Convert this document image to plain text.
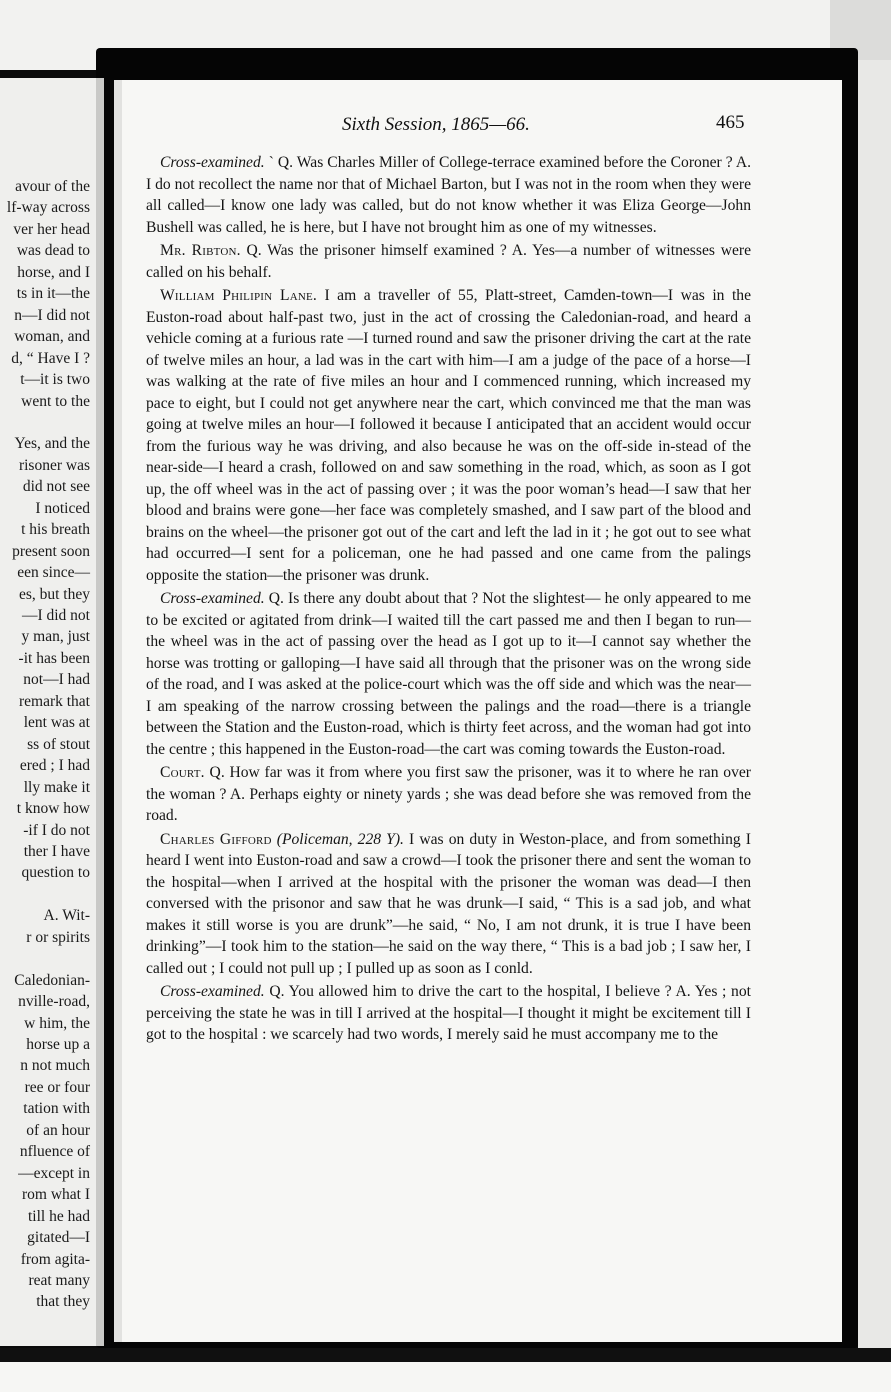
avour of the
lf-way across
ver her head
was dead to
horse, and I
ts in it—the
n—I did not
woman, and
d, “ Have I ?
t—it is two
went to the
Yes, and the
risoner was
did not see
I noticed
t his breath
present soon
een since—
es, but they
—I did not
y man, just
-it has been
not—I had
remark that
lent was at
ss of stout
ered ; I had
lly make it
t know how
-if I do not
ther I have
question to
A. Wit-
r or spirits
Caledonian-
nville-road,
w him, the
horse up a
n not much
ree or four
tation with
of an hour
nfluence of
—except in
rom what I
till he had
gitated—I
from agita-
reat many
that they
Sixth Session, 1865—66.	465

Cross-examined. ` Q. Was Charles Miller of College-terrace examined before the Coroner ? A. I do not recollect the name nor that of Michael Barton, but I was not in the room when they were all called—I know one lady was called, but do not know whether it was Eliza George—John Bushell was called, he is here, but I have not brought him as one of my witnesses.

Mr. Ribton. Q. Was the prisoner himself examined ? A. Yes—a number of witnesses were called on his behalf.

William Philipin Lane. I am a traveller of 55, Platt-street, Camden-town—I was in the Euston-road about half-past two, just in the act of crossing the Caledonian-road, and heard a vehicle coming at a furious rate —I turned round and saw the prisoner driving the cart at the rate of twelve miles an hour, a lad was in the cart with him—I am a judge of the pace of a horse—I was walking at the rate of five miles an hour and I commenced running, which increased my pace to eight, but I could not get anywhere near the cart, which convinced me that the man was going at twelve miles an hour—I followed it because I anticipated that an accident would occur from the furious way he was driving, and also because he was on the off-side in-stead of the near-side—I heard a crash, followed on and saw something in the road, which, as soon as I got up, the off wheel was in the act of passing over ; it was the poor woman’s head—I saw that her blood and brains were gone—her face was completely smashed, and I saw part of the blood and brains on the wheel—the prisoner got out of the cart and left the lad in it ; he got out to see what had occurred—I sent for a policeman, one he had passed and one came from the palings opposite the station—the prisoner was drunk.

Cross-examined. Q. Is there any doubt about that ? Not the slightest— he only appeared to me to be excited or agitated from drink—I waited till the cart passed me and then I began to run—the wheel was in the act of passing over the head as I got up to it—I cannot say whether the horse was trotting or galloping—I have said all through that the prisoner was on the wrong side of the road, and I was asked at the police-court which was the off side and which was the near—I am speaking of the narrow crossing between the palings and the road—there is a triangle between the Station and the Euston-road, which is thirty feet across, and the woman had got into the centre ; this happened in the Euston-road—the cart was coming towards the Euston-road.

Court. Q. How far was it from where you first saw the prisoner, was it to where he ran over the woman ? A. Perhaps eighty or ninety yards ; she was dead before she was removed from the road.

Charles Gifford (Policeman, 228 Y). I was on duty in Weston-place, and from something I heard I went into Euston-road and saw a crowd—I took the prisoner there and sent the woman to the hospital—when I arrived at the hospital with the prisoner the woman was dead—I then conversed with the prisonor and saw that he was drunk—I said, “ This is a sad job, and what makes it still worse is you are drunk”—he said, “ No, I am not drunk, it is true I have been drinking”—I took him to the station—he said on the way there, “ This is a bad job ; I saw her, I called out ; I could not pull up ; I pulled up as soon as I conld.

Cross-examined. Q. You allowed him to drive the cart to the hospital, I believe ? A. Yes ; not perceiving the state he was in till I arrived at the hospital—I thought it might be excitement till I got to the hospital : we scarcely had two words, I merely said he must accompany me to the
